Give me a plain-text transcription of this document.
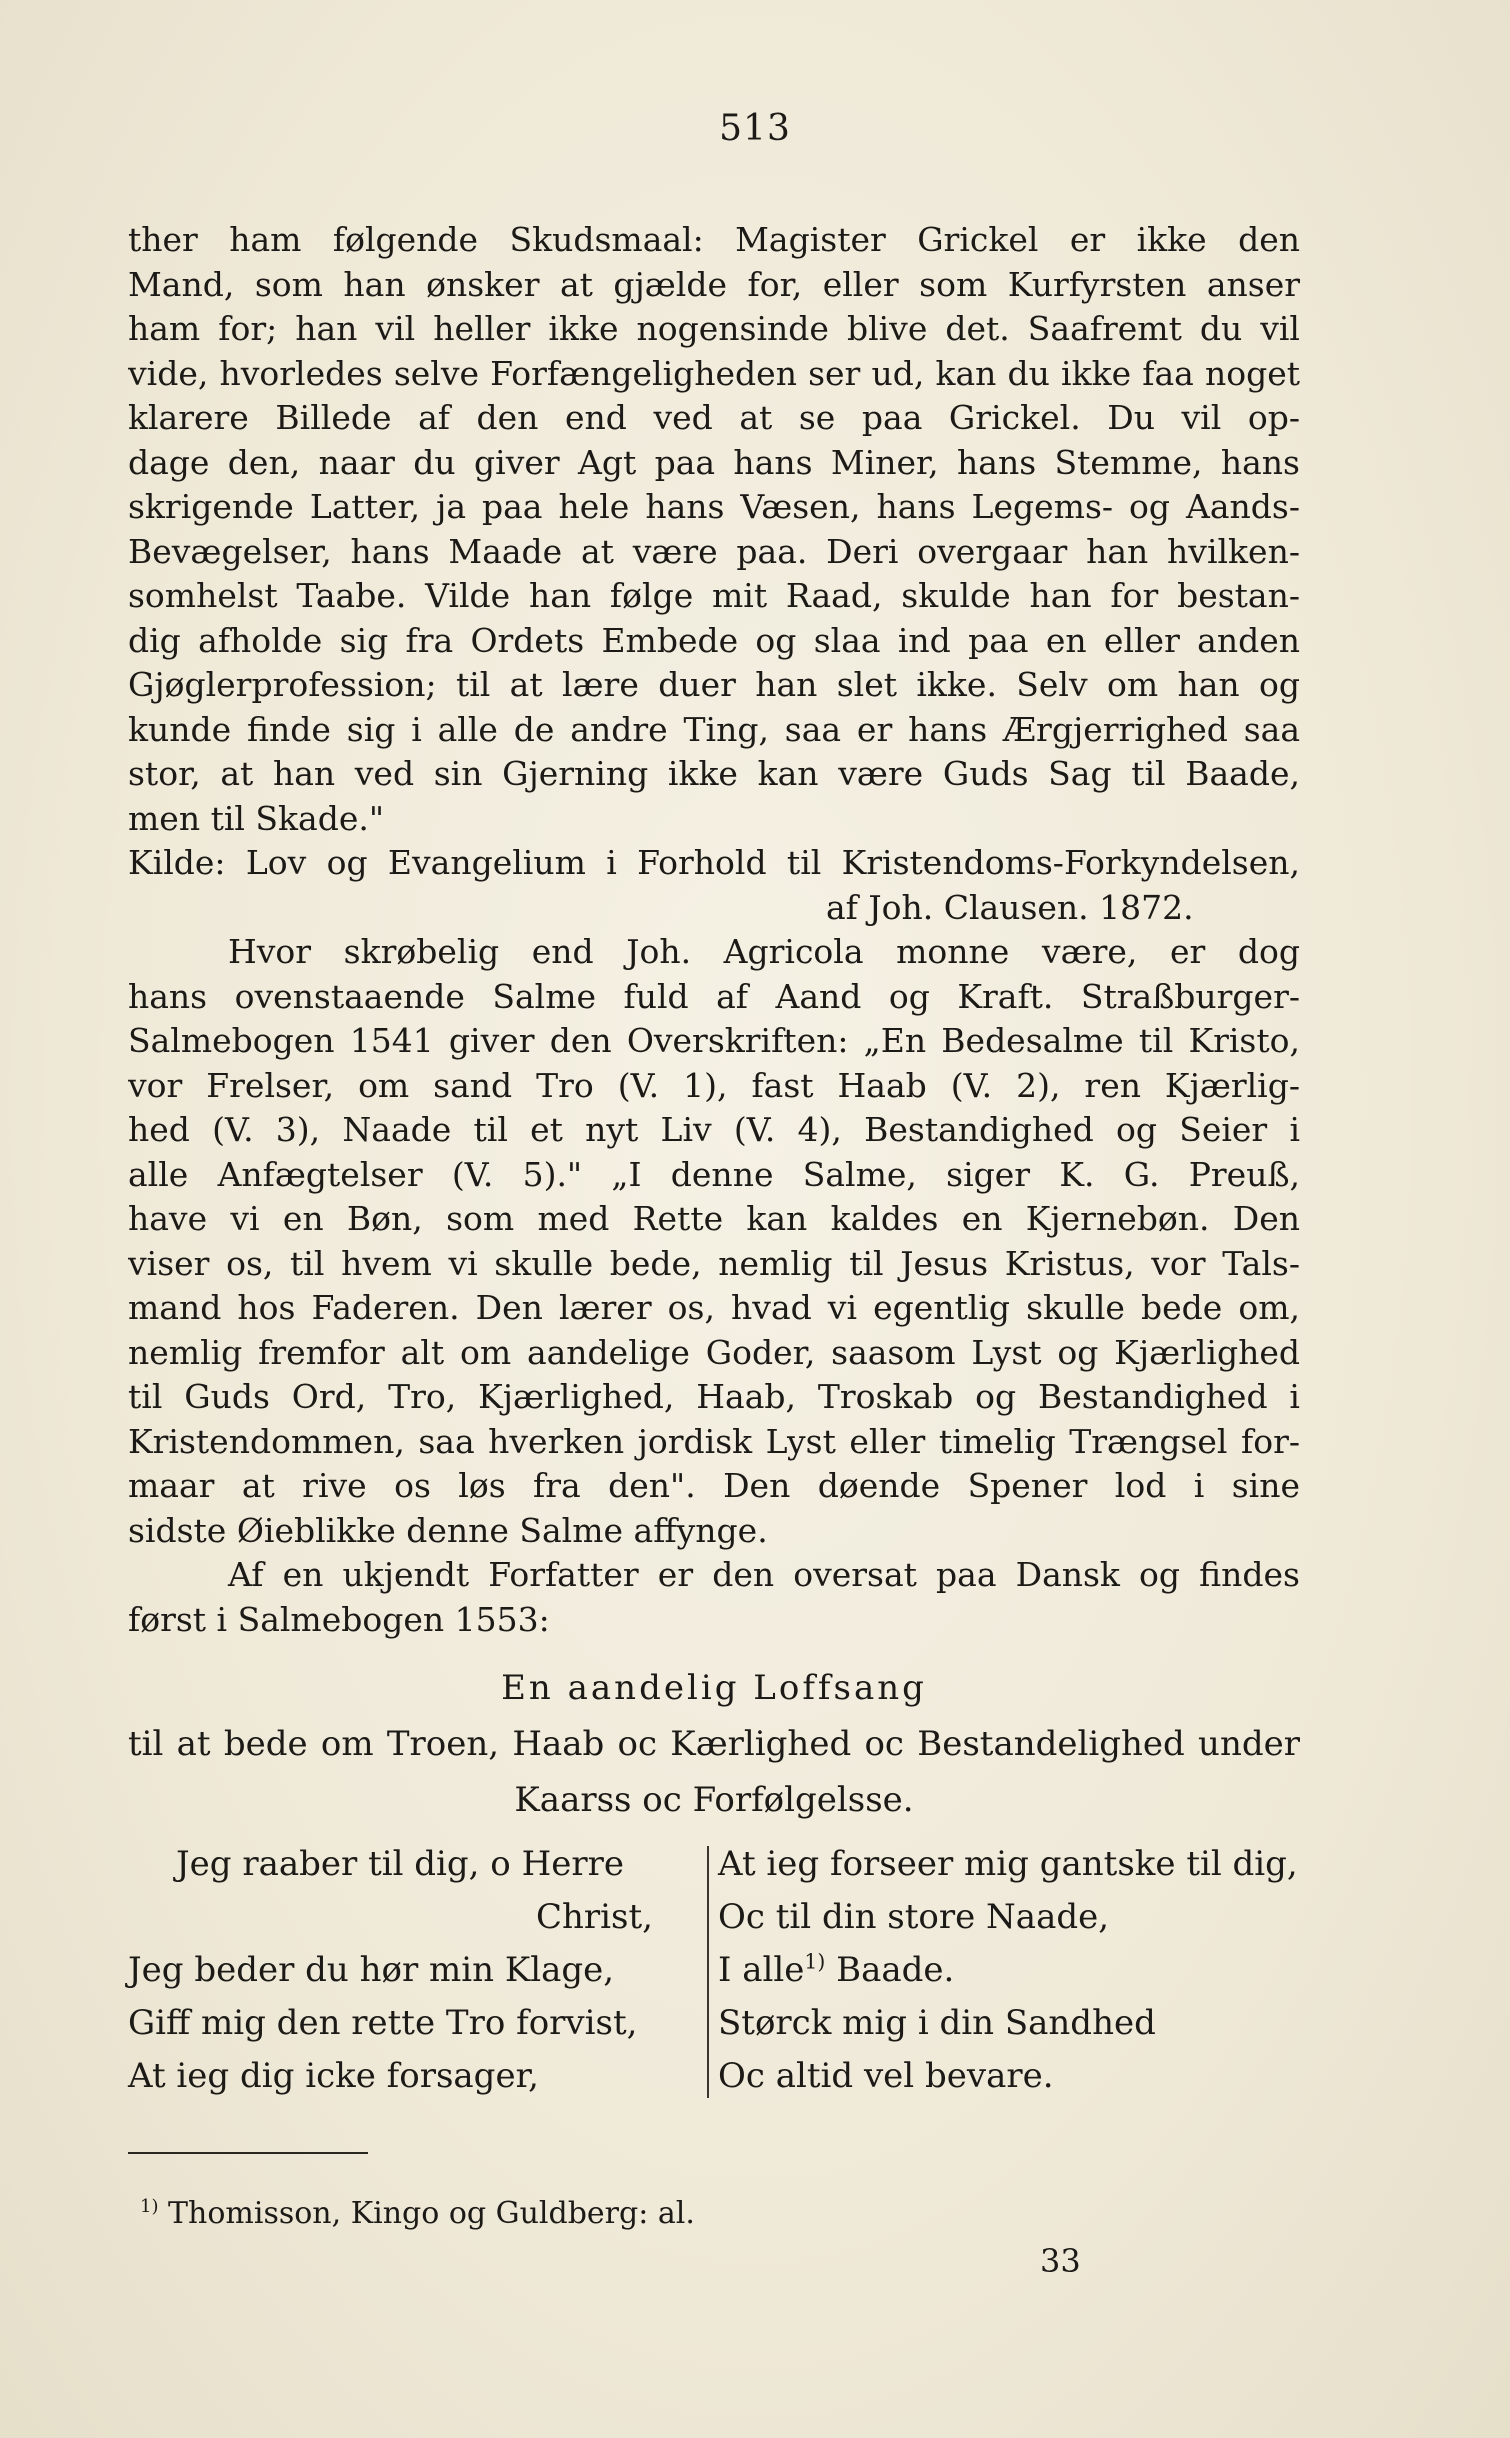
513
ther ham følgende Skudsmaal: Magister Grickel er ikke den
Mand, som han ønsker at gjælde for, eller som Kurfyrsten anser
ham for; han vil heller ikke nogensinde blive det. Saafremt du vil
vide, hvorledes selve Forfængeligheden ser ud, kan du ikke faa noget
klarere Billede af den end ved at se paa Grickel. Du vil op-
dage den, naar du giver Agt paa hans Miner, hans Stemme, hans
skrigende Latter, ja paa hele hans Væsen, hans Legems- og Aands-
Bevægelser, hans Maade at være paa. Deri overgaar han hvilken-
somhelst Taabe. Vilde han følge mit Raad, skulde han for bestan-
dig afholde sig fra Ordets Embede og slaa ind paa en eller anden
Gjøglerprofession; til at lære duer han slet ikke. Selv om han og
kunde finde sig i alle de andre Ting, saa er hans Ærgjerrighed saa
stor, at han ved sin Gjerning ikke kan være Guds Sag til Baade,
men til Skade."
Kilde: Lov og Evangelium i Forhold til Kristendoms-Forkyndelsen,
af Joh. Clausen. 1872.
Hvor skrøbelig end Joh. Agricola monne være, er dog
hans ovenstaaende Salme fuld af Aand og Kraft. Straßburger-
Salmebogen 1541 giver den Overskriften: „En Bedesalme til Kristo,
vor Frelser, om sand Tro (V. 1), fast Haab (V. 2), ren Kjærlig-
hed (V. 3), Naade til et nyt Liv (V. 4), Bestandighed og Seier i
alle Anfægtelser (V. 5)." „I denne Salme, siger K. G. Preuß,
have vi en Bøn, som med Rette kan kaldes en Kjernebøn. Den
viser os, til hvem vi skulle bede, nemlig til Jesus Kristus, vor Tals-
mand hos Faderen. Den lærer os, hvad vi egentlig skulle bede om,
nemlig fremfor alt om aandelige Goder, saasom Lyst og Kjærlighed
til Guds Ord, Tro, Kjærlighed, Haab, Troskab og Bestandighed i
Kristendommen, saa hverken jordisk Lyst eller timelig Trængsel for-
maar at rive os løs fra den". Den døende Spener lod i sine
sidste Øieblikke denne Salme affynge.
Af en ukjendt Forfatter er den oversat paa Dansk og findes
først i Salmebogen 1553:
En aandelig Loffsang
til at bede om Troen, Haab oc Kærlighed oc Bestandelighed under
Kaarss oc Forfølgelsse.
Jeg raaber til dig, o Herre
Christ,
Jeg beder du hør min Klage,
Giff mig den rette Tro forvist,
At ieg dig icke forsager,
At ieg forseer mig gantske til dig,
Oc til din store Naade,
I alle$^{1)}$ Baade.
Størck mig i din Sandhed
Oc altid vel bevare.
$^{1)}$ Thomisson, Kingo og Guldberg: al.
33
